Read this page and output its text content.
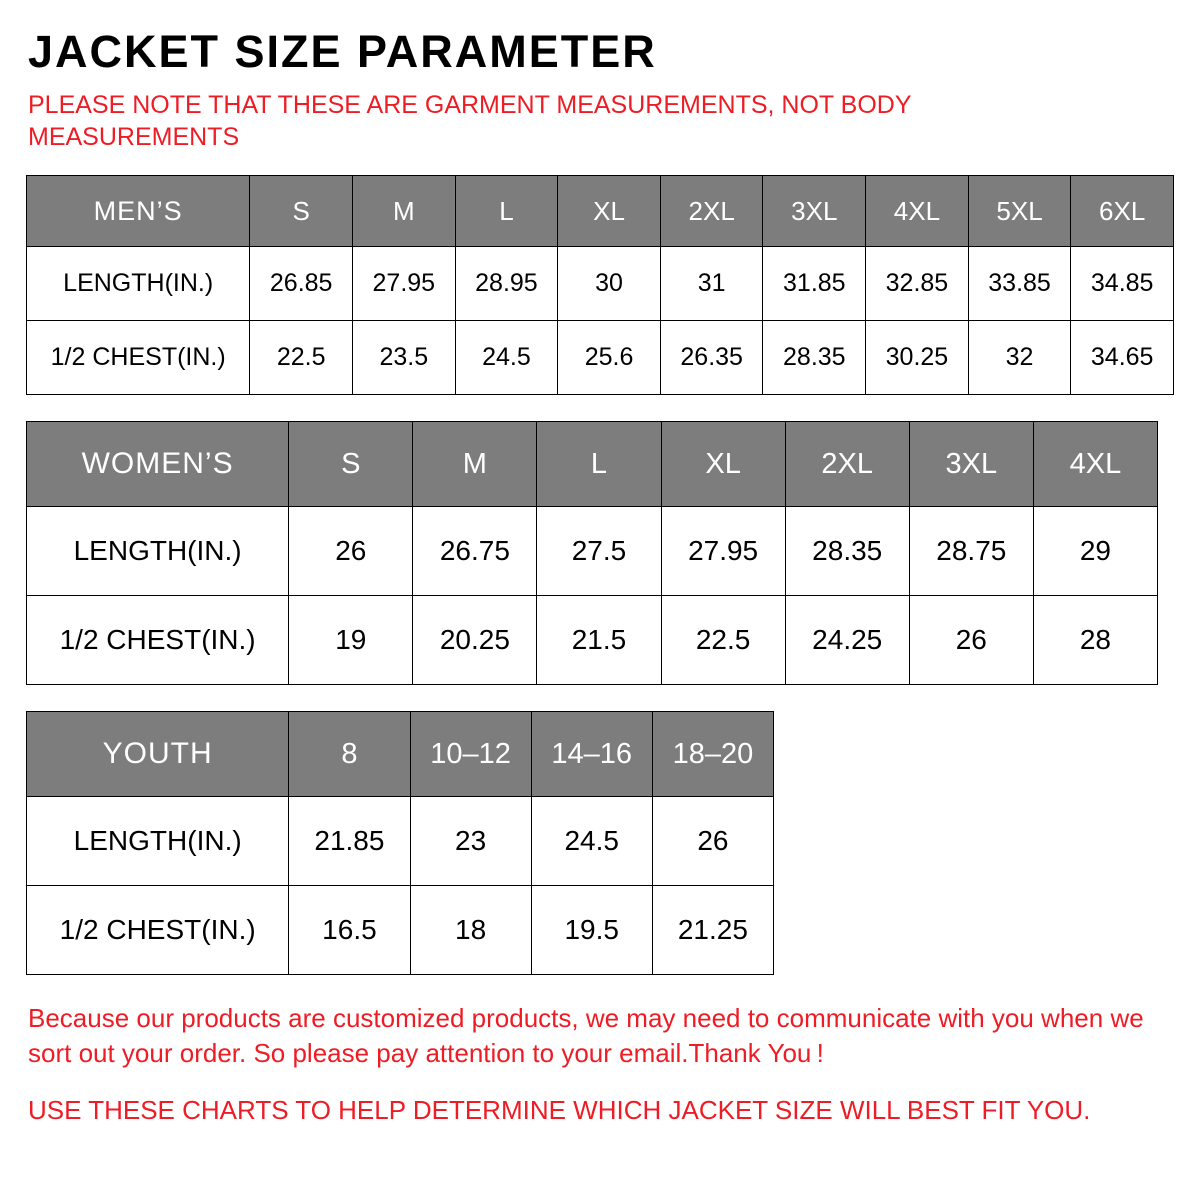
JACKET SIZE PARAMETER

PLEASE NOTE THAT THESE ARE GARMENT MEASUREMENTS, NOT BODY MEASUREMENTS

MEN’S	S	M	L	XL	2XL	3XL	4XL	5XL	6XL
LENGTH(IN.)	26.85	27.95	28.95	30	31	31.85	32.85	33.85	34.85
1/2 CHEST(IN.)	22.5	23.5	24.5	25.6	26.35	28.35	30.25	32	34.65
WOMEN’S	S	M	L	XL	2XL	3XL	4XL
LENGTH(IN.)	26	26.75	27.5	27.95	28.35	28.75	29
1/2 CHEST(IN.)	19	20.25	21.5	22.5	24.25	26	28
YOUTH	8	10–12	14–16	18–20
LENGTH(IN.)	21.85	23	24.5	26
1/2 CHEST(IN.)	16.5	18	19.5	21.25

Because our products are customized products, we may need to communicate with you when we sort out your order. So please pay attention to your email.Thank You !

USE THESE CHARTS TO HELP DETERMINE WHICH JACKET SIZE WILL BEST FIT YOU.
